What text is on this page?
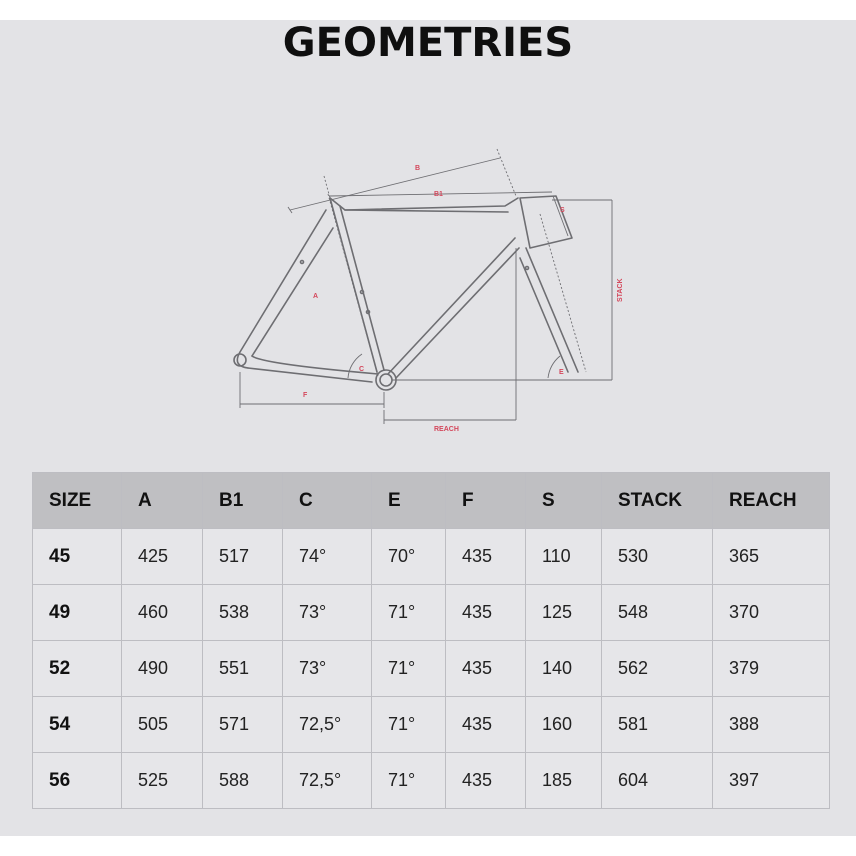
GEOMETRIES
B
B1
S
STACK
A
C	E
F
REACH
SIZE	A	B1	C	E	F	S	STACK	REACH
45	425	517	74°	70°	435	110	530	365
49	460	538	73°	71°	435	125	548	370
52	490	551	73°	71°	435	140	562	379
54	505	571	72,5°	71°	435	160	581	388
56	525	588	72,5°	71°	435	185	604	397
